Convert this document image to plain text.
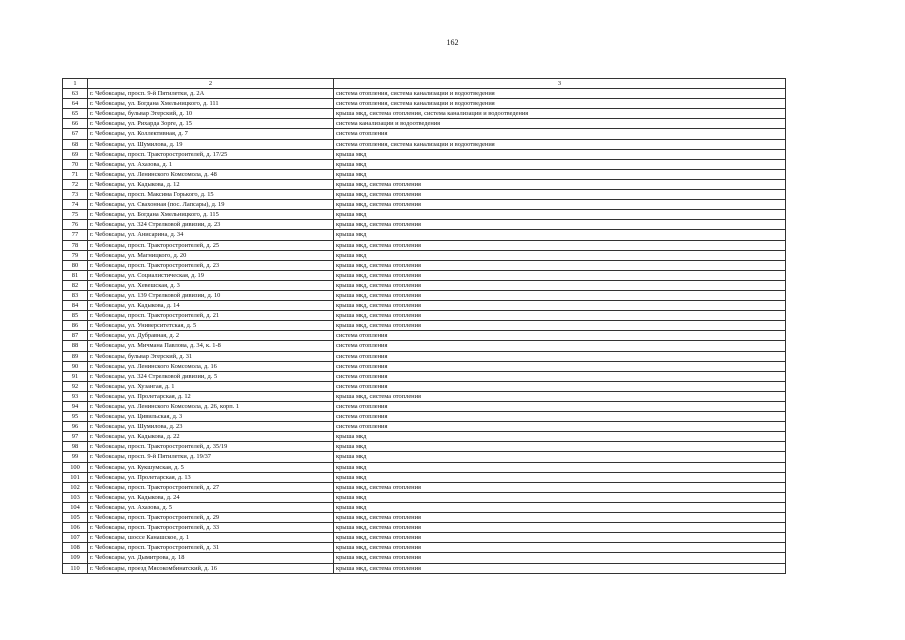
162
1	2	3
63	г. Чебоксары, просп. 9-й Пятилетки, д. 2А	система отопления, система канализации и водоотведения
64	г. Чебоксары, ул. Богдана Хмельницкого, д. 111	система отопления, система канализации и водоотведения
65	г. Чебоксары, бульвар Эгерский, д. 10	крыша мкд, система отопления, система канализации и водоотведения
66	г. Чебоксары, ул. Рихарда Зорге, д. 15	система канализации и водоотведения
67	г. Чебоксары, ул. Коллективная, д. 7	система отопления
68	г. Чебоксары, ул. Шумилова, д. 19	система отопления, система канализации и водоотведения
69	г. Чебоксары, просп. Тракторостроителей, д. 17/25	крыша мкд
70	г. Чебоксары, ул. Ахазова, д. 1	крыша мкд
71	г. Чебоксары, ул. Ленинского Комсомола, д. 48	крыша мкд
72	г. Чебоксары, ул. Кадыкова, д. 12	крыша мкд, система отопления
73	г. Чебоксары, просп. Максима Горького, д. 15	крыша мкд, система отопления
74	г. Чебоксары, ул. Свахонная (пос. Лапсары), д. 19	крыша мкд, система отопления
75	г. Чебоксары, ул. Богдана Хмельницкого, д. 115	крыша мкд
76	г. Чебоксары, ул. 324 Стрелковой дивизии, д. 23	крыша мкд, система отопления
77	г. Чебоксары, ул. Анисарина, д. 34	крыша мкд
78	г. Чебоксары, просп. Тракторостроителей, д. 25	крыша мкд, система отопления
79	г. Чебоксары, ул. Магницкого, д. 20	крыша мкд
80	г. Чебоксары, просп. Тракторостроителей, д. 23	крыша мкд, система отопления
81	г. Чебоксары, ул. Социалистическая, д. 19	крыша мкд, система отопления
82	г. Чебоксары, ул. Хевешская, д. 3	крыша мкд, система отопления
83	г. Чебоксары, ул. 139 Стрелковой дивизии, д. 10	крыша мкд, система отопления
84	г. Чебоксары, ул. Кадыкова, д. 14	крыша мкд, система отопления
85	г. Чебоксары, просп. Тракторостроителей, д. 21	крыша мкд, система отопления
86	г. Чебоксары, ул. Университетская, д. 5	крыша мкд, система отопления
87	г. Чебоксары, ул. Дубравная, д. 2	система отопления
88	г. Чебоксары, ул. Мичмана Павлова, д. 34, к. 1-8	система отопления
89	г. Чебоксары, бульвар Эгерский, д. 31	система отопления
90	г. Чебоксары, ул. Ленинского Комсомола, д. 16	система отопления
91	г. Чебоксары, ул. 324 Стрелковой дивизии, д. 5	система отопления
92	г. Чебоксары, ул. Хузангая, д. 1	система отопления
93	г. Чебоксары, ул. Пролетарская, д. 12	крыша мкд, система отопления
94	г. Чебоксары, ул. Ленинского Комсомола, д. 26, корп. 1	система отопления
95	г. Чебоксары, ул. Цивильская, д. 3	система отопления
96	г. Чебоксары, ул. Шумилова, д. 23	система отопления
97	г. Чебоксары, ул. Кадыкова, д. 22	крыша мкд
98	г. Чебоксары, просп. Тракторостроителей, д. 35/19	крыша мкд
99	г. Чебоксары, просп. 9-й Пятилетки, д. 19/37	крыша мкд
100	г. Чебоксары, ул. Кукшумская, д. 5	крыша мкд
101	г. Чебоксары, ул. Пролетарская, д. 13	крыша мкд
102	г. Чебоксары, просп. Тракторостроителей, д. 27	крыша мкд, система отопления
103	г. Чебоксары, ул. Кадыкова, д. 24	крыша мкд
104	г. Чебоксары, ул. Ахазова, д. 5	крыша мкд
105	г. Чебоксары, просп. Тракторостроителей, д. 29	крыша мкд, система отопления
106	г. Чебоксары, просп. Тракторостроителей, д. 33	крыша мкд, система отопления
107	г. Чебоксары, шоссе Канашское, д. 1	крыша мкд, система отопления
108	г. Чебоксары, просп. Тракторостроителей, д. 31	крыша мкд, система отопления
109	г. Чебоксары, ул. Дымитрова, д. 18	крыша мкд, система отопления
110	г. Чебоксары, проезд Мясокомбинатский, д. 16	крыша мкд, система отопления
